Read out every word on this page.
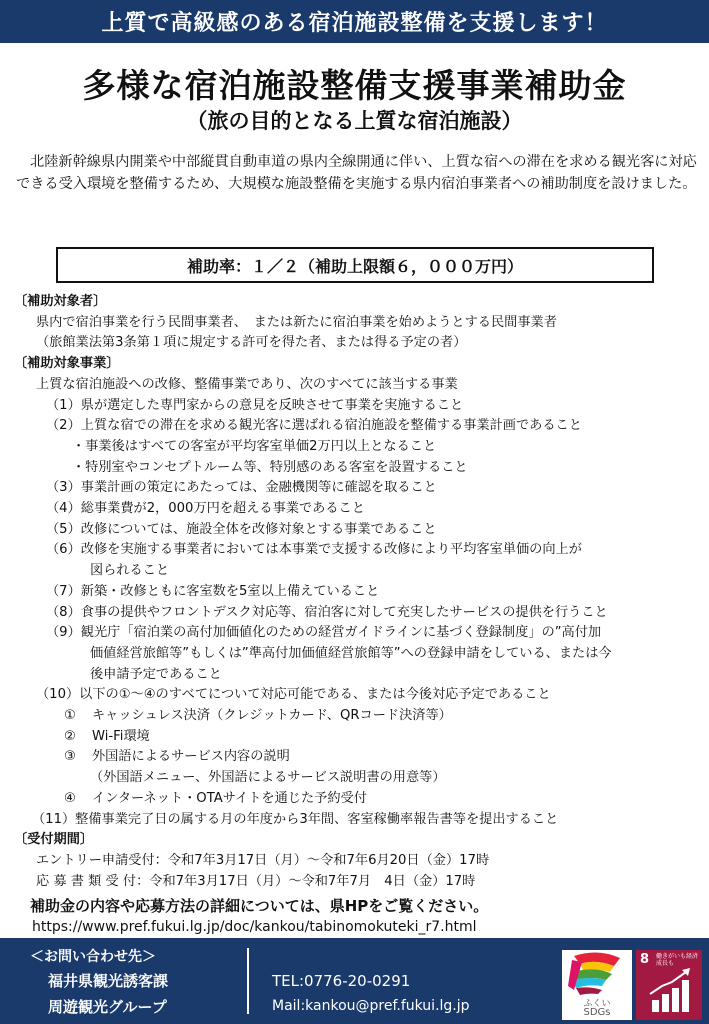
上質で高級感のある宿泊施設整備を支援します！
多様な宿泊施設整備支援事業補助金
（旅の目的となる上質な宿泊施設）
北陸新幹線県内開業や中部縦貫自動車道の県内全線開通に伴い、上質な宿への滞在を求める観光客に対応できる受入環境を整備するため、大規模な施設整備を実施する県内宿泊事業者への補助制度を設けました。
補助率：１／２（補助上限額６，０００万円）
〔補助対象者〕
県内で宿泊事業を行う民間事業者、　または新たに宿泊事業を始めようとする民間事業者
（旅館業法第3条第１項に規定する許可を得た者、または得る予定の者）
〔補助対象事業〕
上質な宿泊施設への改修、整備事業であり、次のすべてに該当する事業
（1）県が選定した専門家からの意見を反映させて事業を実施すること
（2）上質な宿での滞在を求める観光客に選ばれる宿泊施設を整備する事業計画であること
・事業後はすべての客室が平均客室単価2万円以上となること
・特別室やコンセプトルーム等、特別感のある客室を設置すること
（3）事業計画の策定にあたっては、金融機関等に確認を取ること
（4）総事業費が2，000万円を超える事業であること
（5）改修については、施設全体を改修対象とする事業であること
（6）改修を実施する事業者においては本事業で支援する改修により平均客室単価の向上が
図られること
（7）新築・改修ともに客室数を5室以上備えていること
（8）食事の提供やフロントデスク対応等、宿泊客に対して充実したサービスの提供を行うこと
（9）観光庁「宿泊業の高付加価値化のための経営ガイドラインに基づく登録制度」の”高付加
価値経営旅館等”もしくは”準高付加価値経営旅館等”への登録申請をしている、または今
後申請予定であること
（10）以下の①～④のすべてについて対応可能である、または今後対応予定であること
① キャッシュレス決済（クレジットカード、QRコード決済等）
② Wi-Fi環境
③ 外国語によるサービス内容の説明
（外国語メニュー、外国語によるサービス説明書の用意等）
④ インターネット・OTAサイトを通じた予約受付
（11）整備事業完了日の属する月の年度から3年間、客室稼働率報告書等を提出すること
〔受付期間〕
エントリー申請受付：令和7年3月17日（月）～令和7年6月20日（金）17時
応 募 書 類 受 付：令和7年3月17日（月）～令和7年7月　4日（金）17時
補助金の内容や応募方法の詳細については、県HPをご覧ください。
https://www.pref.fukui.lg.jp/doc/kankou/tabinomokuteki_r7.html
＜お問い合わせ先＞
福井県観光誘客課
周遊観光グループ
TEL:0776-20-0291
Mail:kankou@pref.fukui.lg.jp	ふくい
SDGs
8 働きがいも経済成長も
